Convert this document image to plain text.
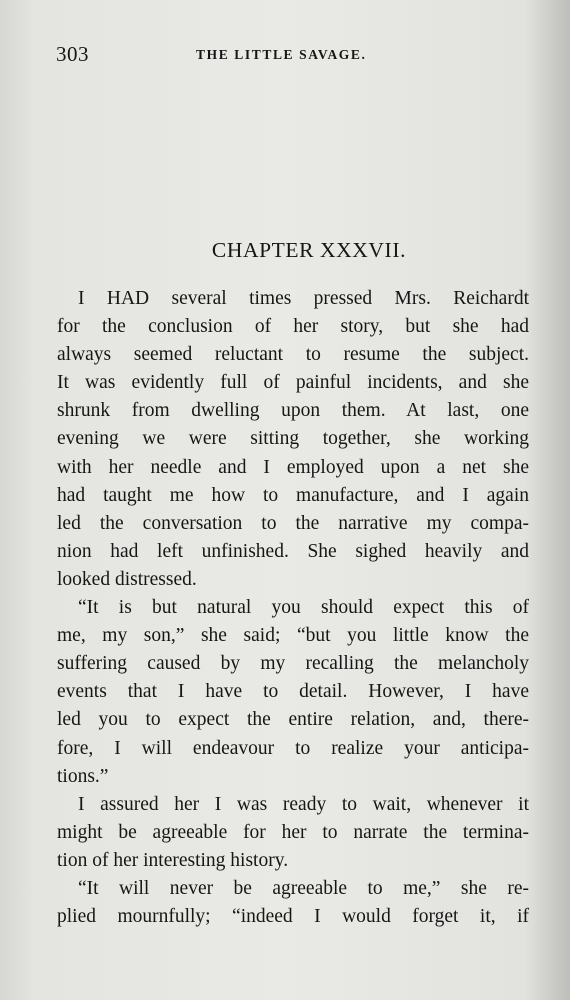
303	THE LITTLE SAVAGE.
CHAPTER XXXVII.
I HAD several times pressed Mrs. Reichardt
for the conclusion of her story, but she had
always seemed reluctant to resume the subject.
It was evidently full of painful incidents, and she
shrunk from dwelling upon them. At last, one
evening we were sitting together, she working
with her needle and I employed upon a net she
had taught me how to manufacture, and I again
led the conversation to the narrative my compa-
nion had left unfinished. She sighed heavily and
looked distressed.
“It is but natural you should expect this of
me, my son,” she said; “but you little know the
suffering caused by my recalling the melancholy
events that I have to detail. However, I have
led you to expect the entire relation, and, there-
fore, I will endeavour to realize your anticipa-
tions.”
I assured her I was ready to wait, whenever it
might be agreeable for her to narrate the termina-
tion of her interesting history.
“It will never be agreeable to me,” she re-
plied mournfully; “indeed I would forget it, if
